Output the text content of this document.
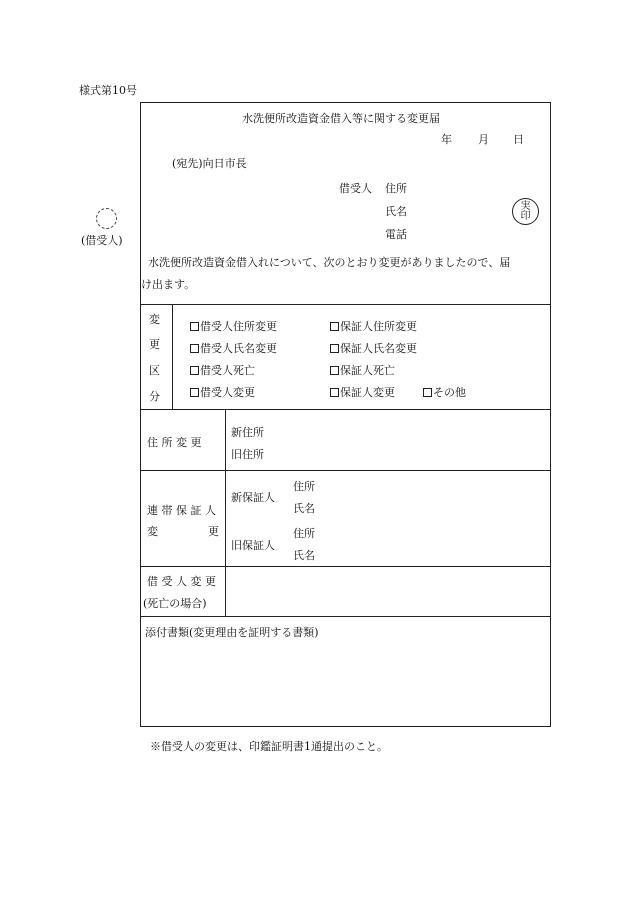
様式第10号
水洗便所改造資金借入等に関する変更届
年 月 日
(宛先)向日市長
借受人 住所
氏名
電話
実
印
(借受人)
水洗便所改造資金借入れについて、次のとおり変更がありましたので、届
け出ます。
変
更
区
分
借受人住所変更	保証人住所変更
借受人氏名変更	保証人氏名変更
借受人死亡	保証人死亡
借受人変更	保証人変更	その他
住 所 変 更
新住所
旧住所
連 帯 保 証 人
変	更
新保証人
住所
氏名
旧保証人
住所
氏名
借 受 人 変 更
(死亡の場合)
添付書類(変更理由を証明する書類)
※借受人の変更は、印鑑証明書1通提出のこと。
